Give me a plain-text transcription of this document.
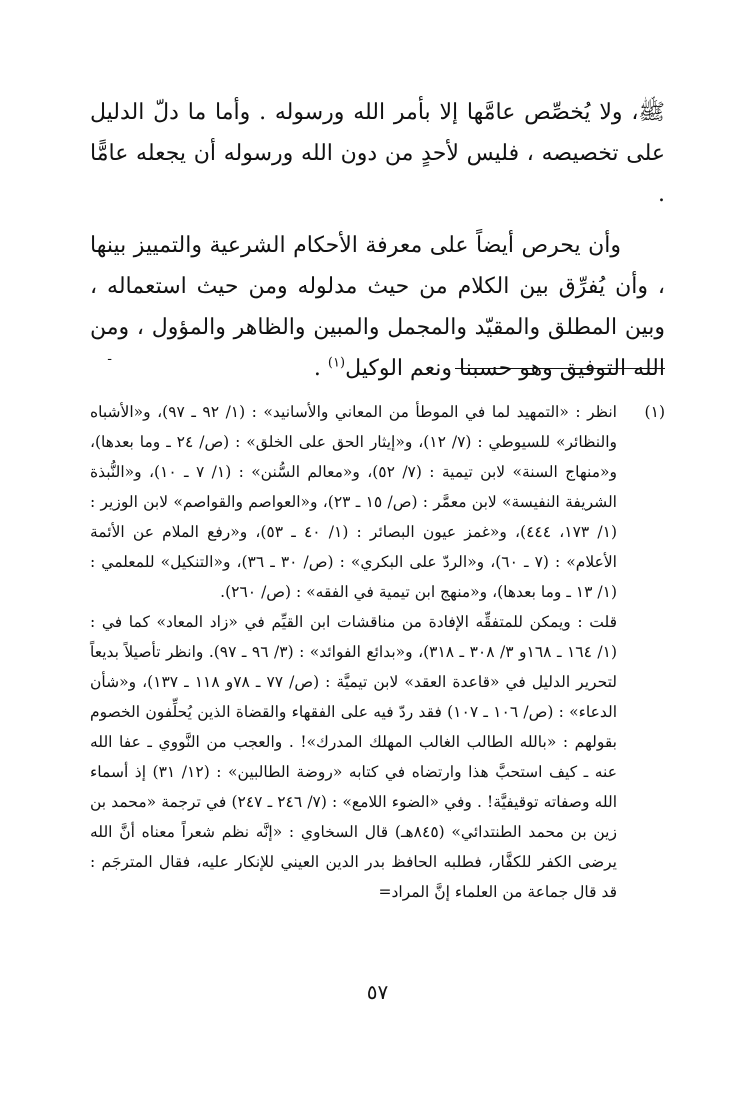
ﷺ، ولا يُخصِّص عامَّها إلا بأمر الله ورسوله . وأما ما دلّ الدليل على تخصيصه ، فليس لأحدٍ من دون الله ورسوله أن يجعله عامًّا .

وأن يحرص أيضاً على معرفة الأحكام الشرعية والتمييز بينها ، وأن يُفرِّق بين الكلام من حيث مدلوله ومن حيث استعماله ، وبين المطلق والمقيّد والمجمل والمبين والظاهر والمؤول ، ومن الله التوفيق وهو حسبنا ونعم الوكيل$^{(١)}$ .

-
(١)

انظر : «التمهيد لما في الموطأ من المعاني والأسانيد» : (١/ ٩٢ ـ ٩٧)، و«الأشباه والنظائر» للسيوطي : (٧/ ١٢)، و«إيثار الحق على الخلق» : (ص/ ٢٤ ـ وما بعدها)، و«منهاج السنة» لابن تيمية : (٧/ ٥٢)، و«معالم السُّنن» : (١/ ٧ ـ ١٠)، و«النُّبذة الشريفة النفيسة» لابن معمَّر : (ص/ ١٥ ـ ٢٣)، و«العواصم والقواصم» لابن الوزير : (١/ ١٧٣، ٤٤٤)، و«غمز عيون البصائر : (١/ ٤٠ ـ ٥٣)، و«رفع الملام عن الأئمة الأعلام» : (٧ ـ ٦٠)، و«الردّ على البكري» : (ص/ ٣٠ ـ ٣٦)، و«التنكيل» للمعلمي : (١/ ١٣ ـ وما بعدها)، و«منهج ابن تيمية في الفقه» : (ص/ ٢٦٠).

قلت : ويمكن للمتفقِّه الإفادة من مناقشات ابن القيِّم في «زاد المعاد» كما في : (١/ ١٦٤ ـ ١٦٨و ٣/ ٣٠٨ ـ ٣١٨)، و«بدائع الفوائد» : (٣/ ٩٦ ـ ٩٧). وانظر تأصيلاً بديعاً لتحرير الدليل في «قاعدة العقد» لابن تيميَّة : (ص/ ٧٧ ـ ٧٨و ١١٨ ـ ١٣٧)، و«شأن الدعاء» : (ص/ ١٠٦ ـ ١٠٧) فقد ردّ فيه على الفقهاء والقضاة الذين يُحلِّفون الخصوم بقولهم : «بالله الطالب الغالب المهلك المدرك»! . والعجب من النَّووي ـ عفا الله عنه ـ كيف استحبَّ هذا وارتضاه في كتابه «روضة الطالبين» : (١٢/ ٣١) إذ أسماء الله وصفاته توقيفيَّة! . وفي «الضوء اللامع» : (٧/ ٢٤٦ ـ ٢٤٧) في ترجمة «محمد بن زين بن محمد الطنتدائي» (٨٤٥هـ) قال السخاوي : «إنَّه نظم شعراً معناه أنَّ الله يرضى الكفر للكفَّار، فطلبه الحافظ بدر الدين العيني للإنكار عليه، فقال المترجَم : قد قال جماعة من العلماء إنَّ المراد=

٥٧
